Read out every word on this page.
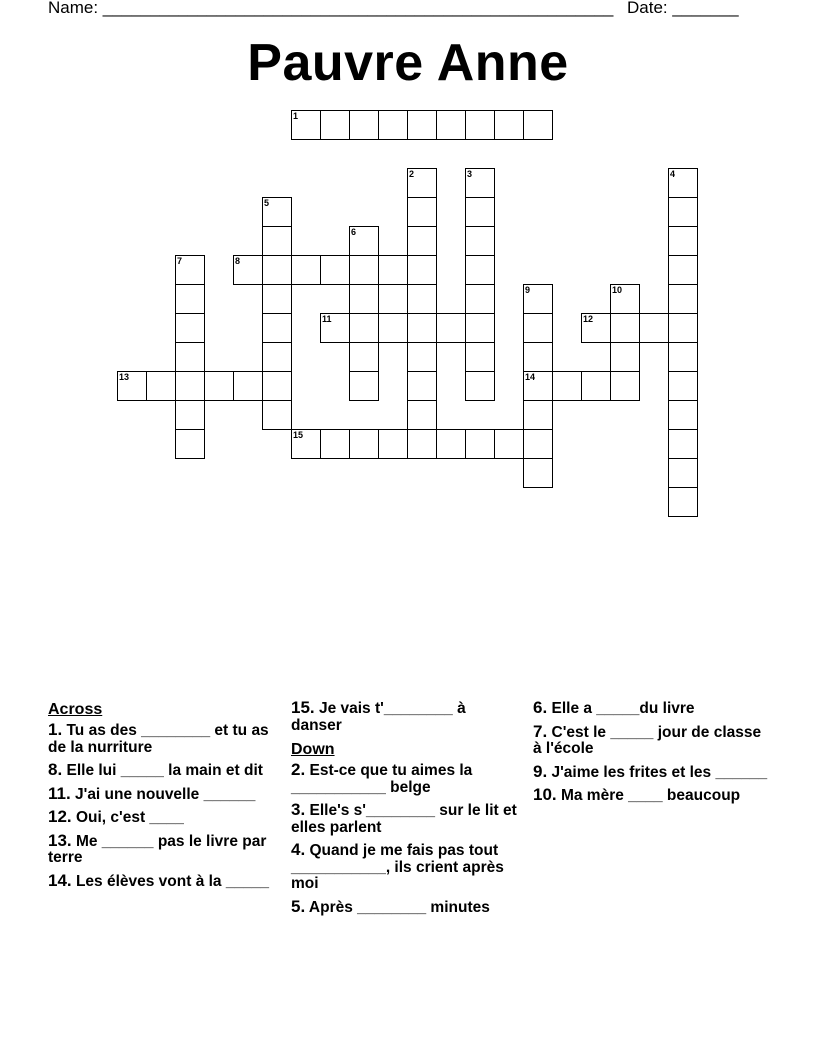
Name: ______________________________________________________ Date: _______
Pauvre Anne
1
2	3	4
5
6
7	8
9
14
10
11	12
13
15
Across
1. Tu as des ________ et tu as de la nurriture
8. Elle lui _____ la main et dit
11. J'ai une nouvelle ______
12. Oui, c'est ____
13. Me ______ pas le livre par terre
14. Les élèves vont à la _____
15. Je vais t'________ à danser
Down
2. Est-ce que tu aimes la ___________ belge
3. Elle's s'________ sur le lit et elles parlent
4. Quand je me fais pas tout ___________, ils crient après moi
5. Après ________ minutes
6. Elle a _____du livre
7. C'est le _____ jour de classe à l'école
9. J'aime les frites et les ______
10. Ma mère ____ beaucoup
